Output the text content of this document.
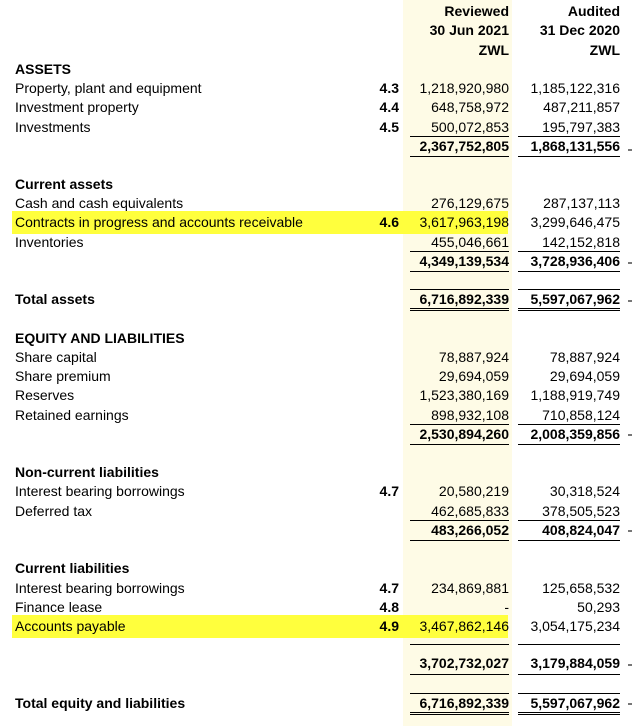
Reviewed	Audited
30 Jun 2021	31 Dec 2020
ZWL	ZWL
ASSETS
Property, plant and equipment	4.3	1,218,920,980	1,185,122,316
Investment property	4.4	648,758,972	487,211,857
Investments	4.5	500,072,853	195,797,383
2,367,752,805	1,868,131,556
Current assets
Cash and cash equivalents	276,129,675	287,137,113
Contracts in progress and accounts receivable	4.6	3,617,963,198	3,299,646,475
Inventories	455,046,661	142,152,818
4,349,139,534	3,728,936,406
Total assets	6,716,892,339	5,597,067,962
EQUITY AND LIABILITIES
Share capital	78,887,924	78,887,924
Share premium	29,694,059	29,694,059
Reserves	1,523,380,169	1,188,919,749
Retained earnings	898,932,108	710,858,124
2,530,894,260	2,008,359,856
Non-current liabilities
Interest bearing borrowings	4.7	20,580,219	30,318,524
Deferred tax	462,685,833	378,505,523
483,266,052	408,824,047
Current liabilities
Interest bearing borrowings	4.7	234,869,881	125,658,532
Finance lease	4.8	-	50,293
Accounts payable	4.9	3,467,862,146	3,054,175,234
3,702,732,027	3,179,884,059
Total equity and liabilities	6,716,892,339	5,597,067,962
